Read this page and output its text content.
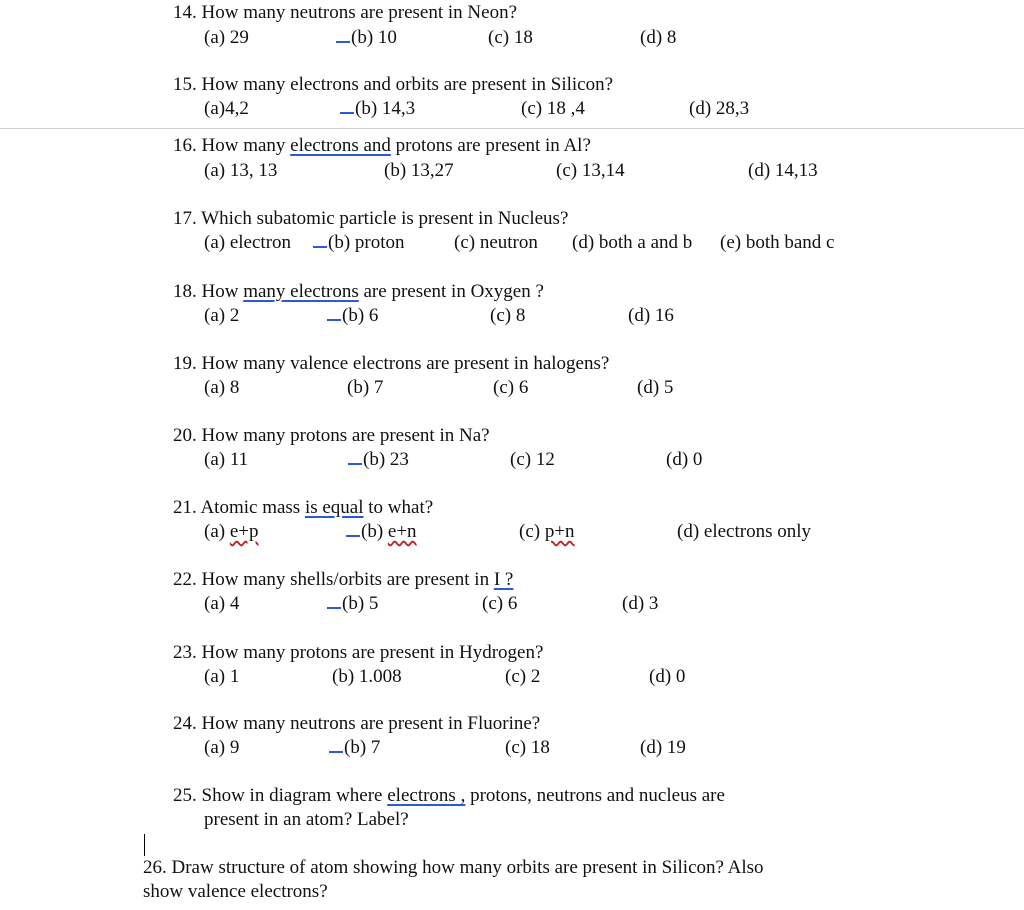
14. How many neutrons are present in Neon?
(a) 29	(b) 10	(c) 18	(d) 8
15. How many electrons and orbits are present in Silicon?
(a)4,2	(b) 14,3	(c) 18 ,4	(d) 28,3
16. How many electrons and protons are present in Al?
(a) 13, 13	(b) 13,27	(c) 13,14	(d) 14,13
17. Which subatomic particle is present in Nucleus?
(a) electron	(b) proton	(c) neutron (d) both a and b (e) both band c
18. How many electrons are present in Oxygen ?
(a) 2	(b) 6	(c) 8	(d) 16
19. How many valence electrons are present in halogens?
(a) 8	(b) 7	(c) 6	(d) 5
20. How many protons are present in Na?
(a) 11	(b) 23	(c) 12	(d) 0
21. Atomic mass is equal to what?
(a) e+p	(b) e+n	(c) p+n	(d) electrons only
22. How many shells/orbits are present in I ?
(a) 4	(b) 5	(c) 6	(d) 3
23. How many protons are present in Hydrogen?
(a) 1	(b) 1.008	(c) 2	(d) 0
24. How many neutrons are present in Fluorine?
(a) 9	(b) 7	(c) 18	(d) 19
25. Show in diagram where electrons , protons, neutrons and nucleus are
present in an atom? Label?
26. Draw structure of atom showing how many orbits are present in Silicon? Also
show valence electrons?
